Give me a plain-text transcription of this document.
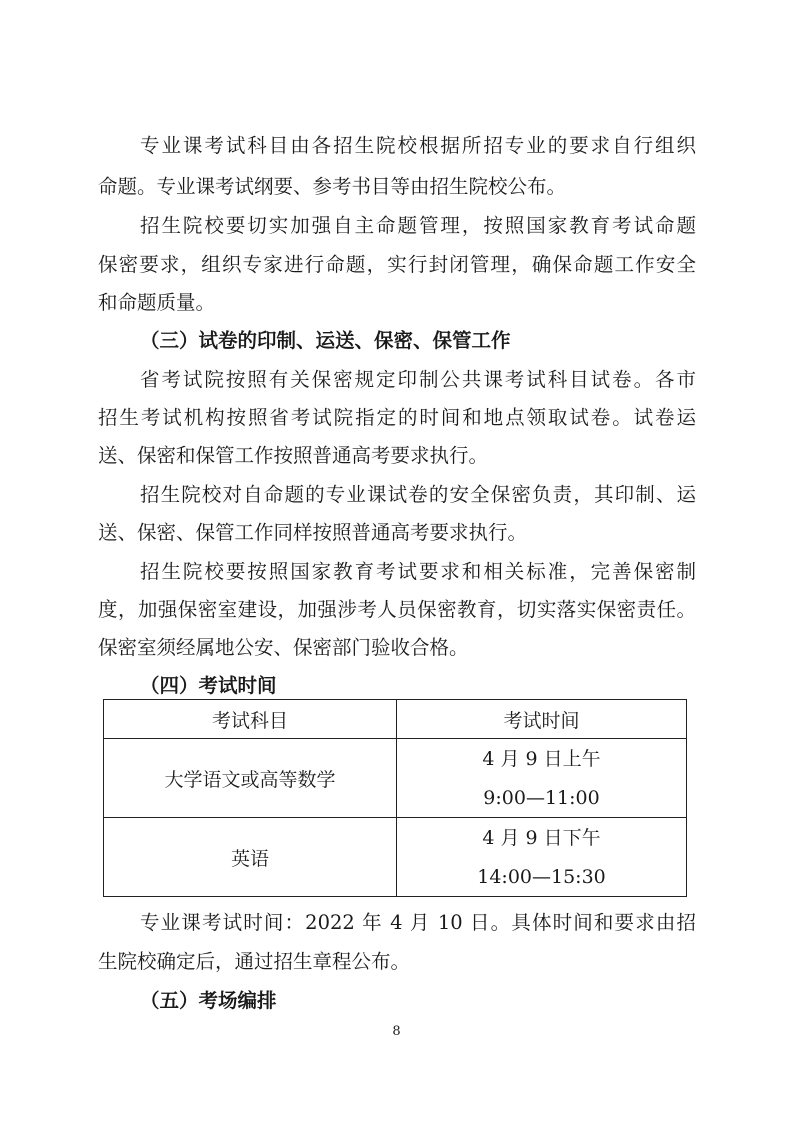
专业课考试科目由各招生院校根据所招专业的要求自行组织
命题。专业课考试纲要、参考书目等由招生院校公布。
招生院校要切实加强自主命题管理，按照国家教育考试命题
保密要求，组织专家进行命题，实行封闭管理，确保命题工作安全
和命题质量。
（三）试卷的印制、运送、保密、保管工作
省考试院按照有关保密规定印制公共课考试科目试卷。各市
招生考试机构按照省考试院指定的时间和地点领取试卷。试卷运
送、保密和保管工作按照普通高考要求执行。
招生院校对自命题的专业课试卷的安全保密负责，其印制、运
送、保密、保管工作同样按照普通高考要求执行。
招生院校要按照国家教育考试要求和相关标准，完善保密制
度，加强保密室建设，加强涉考人员保密教育，切实落实保密责任。
保密室须经属地公安、保密部门验收合格。
（四）考试时间
考试科目	考试时间
大学语文或高等数学	4 月 9 日上午
9:00—11:00

英语	4 月 9 日下午
14:00—15:30
专业课考试时间：2022 年 4 月 10 日。具体时间和要求由招
生院校确定后，通过招生章程公布。
（五）考场编排
8
